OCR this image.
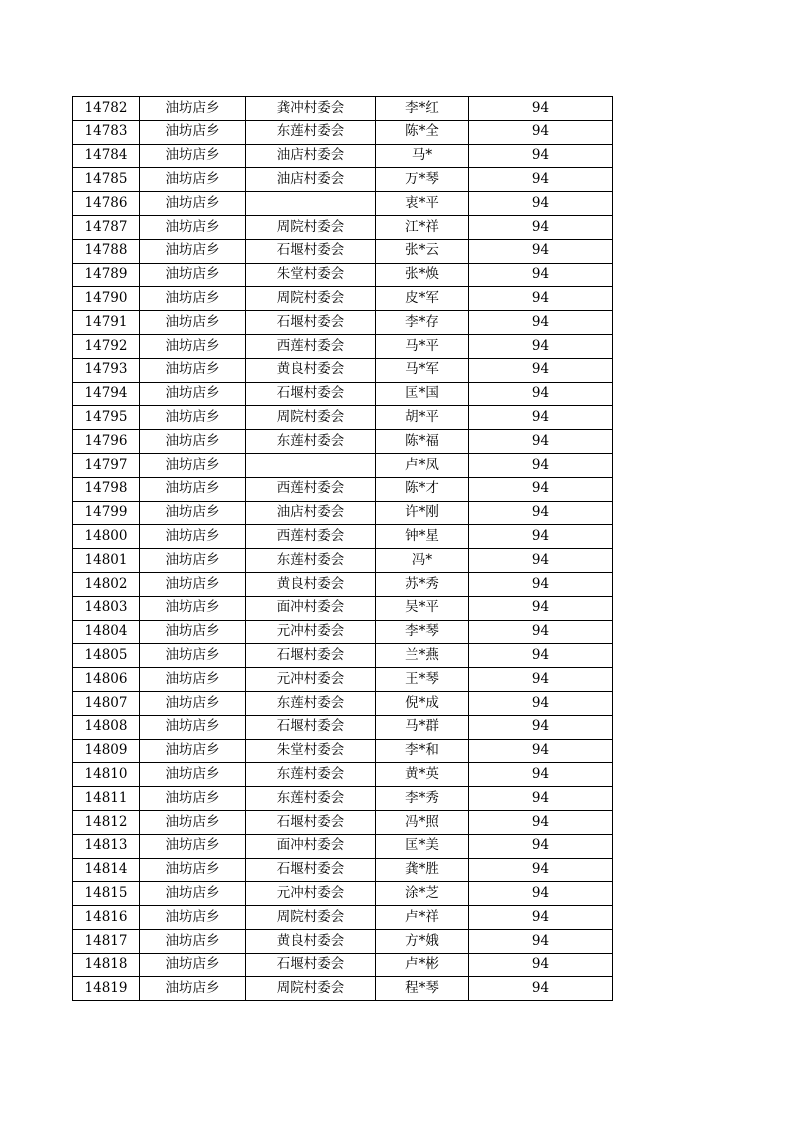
14782	油坊店乡	龚冲村委会	李*红	94
14783	油坊店乡	东莲村委会	陈*全	94
14784	油坊店乡	油店村委会	马*	94
14785	油坊店乡	油店村委会	万*琴	94
14786	油坊店乡		衷*平	94
14787	油坊店乡	周院村委会	江*祥	94
14788	油坊店乡	石堰村委会	张*云	94
14789	油坊店乡	朱堂村委会	张*焕	94
14790	油坊店乡	周院村委会	皮*军	94
14791	油坊店乡	石堰村委会	李*存	94
14792	油坊店乡	西莲村委会	马*平	94
14793	油坊店乡	黄良村委会	马*军	94
14794	油坊店乡	石堰村委会	匡*国	94
14795	油坊店乡	周院村委会	胡*平	94
14796	油坊店乡	东莲村委会	陈*福	94
14797	油坊店乡		卢*凤	94
14798	油坊店乡	西莲村委会	陈*才	94
14799	油坊店乡	油店村委会	许*刚	94
14800	油坊店乡	西莲村委会	钟*星	94
14801	油坊店乡	东莲村委会	冯*	94
14802	油坊店乡	黄良村委会	苏*秀	94
14803	油坊店乡	面冲村委会	吴*平	94
14804	油坊店乡	元冲村委会	李*琴	94
14805	油坊店乡	石堰村委会	兰*燕	94
14806	油坊店乡	元冲村委会	王*琴	94
14807	油坊店乡	东莲村委会	倪*成	94
14808	油坊店乡	石堰村委会	马*群	94
14809	油坊店乡	朱堂村委会	李*和	94
14810	油坊店乡	东莲村委会	黄*英	94
14811	油坊店乡	东莲村委会	李*秀	94
14812	油坊店乡	石堰村委会	冯*照	94
14813	油坊店乡	面冲村委会	匡*美	94
14814	油坊店乡	石堰村委会	龚*胜	94
14815	油坊店乡	元冲村委会	涂*芝	94
14816	油坊店乡	周院村委会	卢*祥	94
14817	油坊店乡	黄良村委会	方*娥	94
14818	油坊店乡	石堰村委会	卢*彬	94
14819	油坊店乡	周院村委会	程*琴	94
